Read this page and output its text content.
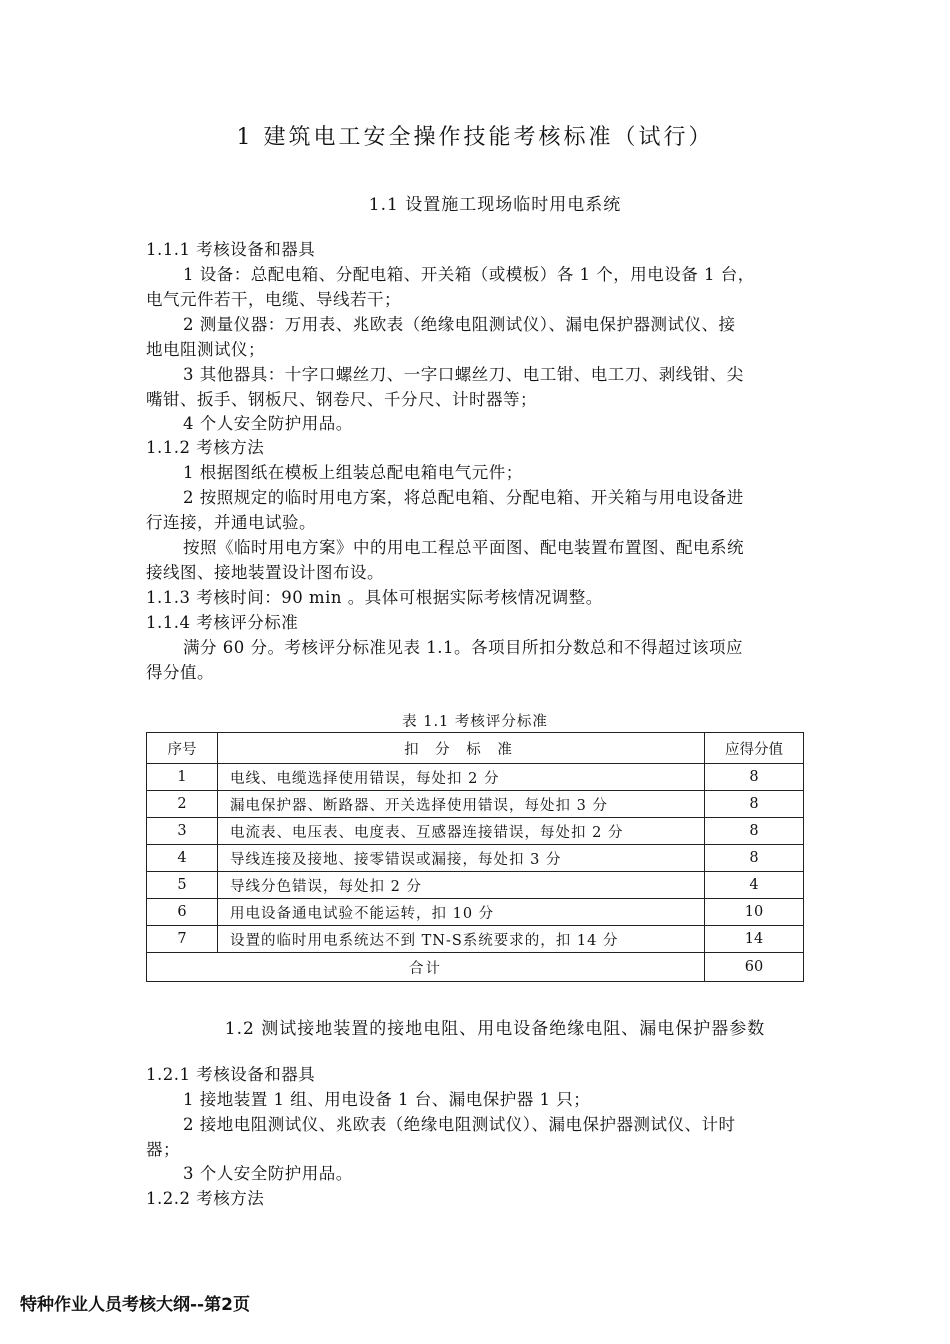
1 建筑电工安全操作技能考核标准（试行）
1.1 设置施工现场临时用电系统
1.1.1 考核设备和器具
1 设备：总配电箱、分配电箱、开关箱（或模板）各 1 个，用电设备 1 台，
电气元件若干，电缆、导线若干；
2 测量仪器：万用表、兆欧表（绝缘电阻测试仪）、漏电保护器测试仪、接
地电阻测试仪；
3 其他器具：十字口螺丝刀、一字口螺丝刀、电工钳、电工刀、剥线钳、尖
嘴钳、扳手、钢板尺、钢卷尺、千分尺、计时器等；
4 个人安全防护用品。
1.1.2 考核方法
1 根据图纸在模板上组装总配电箱电气元件；
2 按照规定的临时用电方案，将总配电箱、分配电箱、开关箱与用电设备进
行连接，并通电试验。
按照《临时用电方案》中的用电工程总平面图、配电装置布置图、配电系统
接线图、接地装置设计图布设。
1.1.3 考核时间：90 min 。具体可根据实际考核情况调整。
1.1.4 考核评分标准
满分 60 分。考核评分标准见表 1.1。各项目所扣分数总和不得超过该项应
得分值。
表 1.1 考核评分标准
序号	扣 分 标 准	应得分值
1	电线、电缆选择使用错误，每处扣 2 分	8
2	漏电保护器、断路器、开关选择使用错误，每处扣 3 分	8
3	电流表、电压表、电度表、互感器连接错误，每处扣 2 分	8
4	导线连接及接地、接零错误或漏接，每处扣 3 分	8
5	导线分色错误，每处扣 2 分	4
6	用电设备通电试验不能运转，扣 10 分	10
7	设置的临时用电系统达不到 TN-S系统要求的，扣 14 分	14
合计		60
1.2 测试接地装置的接地电阻、用电设备绝缘电阻、漏电保护器参数
1.2.1 考核设备和器具
1 接地装置 1 组、用电设备 1 台、漏电保护器 1 只；
2 接地电阻测试仪、兆欧表（绝缘电阻测试仪）、漏电保护器测试仪、计时
器；
3 个人安全防护用品。
1.2.2 考核方法
特种作业人员考核大纲--第2页
